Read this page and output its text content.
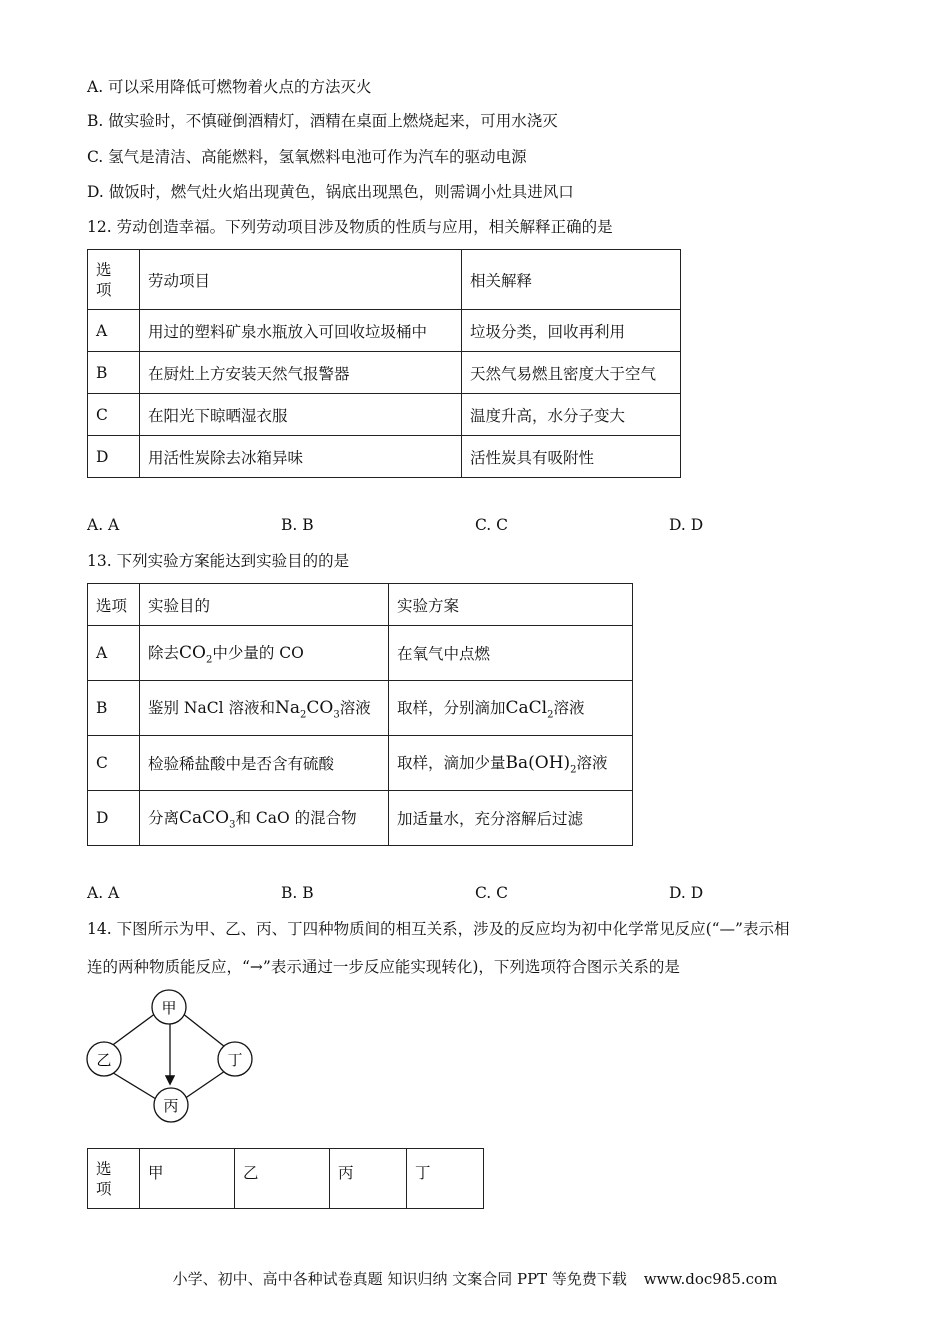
A. 可以采用降低可燃物着火点的方法灭火
B. 做实验时，不慎碰倒酒精灯，酒精在桌面上燃烧起来，可用水浇灭
C. 氢气是清洁、高能燃料，氢氧燃料电池可作为汽车的驱动电源
D. 做饭时，燃气灶火焰出现黄色，锅底出现黑色，则需调小灶具进风口
12. 劳动创造幸福。下列劳动项目涉及物质的性质与应用，相关解释正确的是
选项	劳动项目	相关解释
A	用过的塑料矿泉水瓶放入可回收垃圾桶中	垃圾分类，回收再利用
B	在厨灶上方安装天然气报警器	天然气易燃且密度大于空气
C	在阳光下晾晒湿衣服	温度升高，水分子变大
D	用活性炭除去冰箱异味	活性炭具有吸附性
A. A	B. B	C. C	D. D
13. 下列实验方案能达到实验目的的是
选项	实验目的	实验方案
A	除去$CO_2$中少量的 CO	在氧气中点燃
B	鉴别 NaCl 溶液和$Na_2CO_3$溶液	取样，分别滴加CaCl$_2$溶液
C	检验稀盐酸中是否含有硫酸	取样，滴加少量$Ba(OH)_2$溶液
D	分离CaCO$_3$和 CaO 的混合物	加适量水，充分溶解后过滤
A. A	B. B	C. C	D. D
14. 下图所示为甲、乙、丙、丁四种物质间的相互关系，涉及的反应均为初中化学常见反应(“—”表示相
连的两种物质能反应，“→”表示通过一步反应能实现转化)，下列选项符合图示关系的是
甲
乙	丁
丙
选项	甲	乙	丙	丁
小学、初中、高中各种试卷真题 知识归纳 文案合同 PPT 等免费下载 www.doc985.com
